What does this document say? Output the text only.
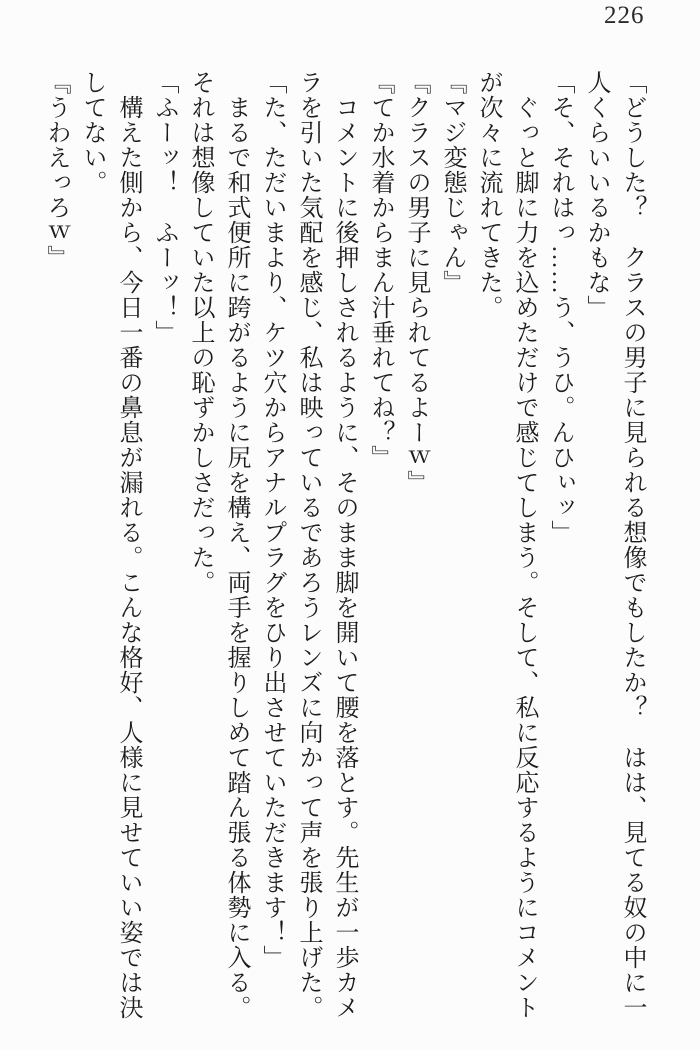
226

「どうした？　クラスの男子に見られる想像でもしたか？　はは、見てる奴の中に一

人くらいいるかもな」

「そ、それはっ……う、うひ。んひぃッ」

　ぐっと脚に力を込めただけで感じてしまう。そして、私に反応するようにコメント

が次々に流れてきた。

『マジ変態じゃん』

『クラスの男子に見られてるよーｗ』

『てか水着からまん汁垂れてね？』

　コメントに後押しされるように、そのまま脚を開いて腰を落とす。先生が一歩カメ

ラを引いた気配を感じ、私は映っているであろうレンズに向かって声を張り上げた。

「た、ただいまより、ケツ穴からアナルプラグをひり出させていただきます！」

　まるで和式便所に跨がるように尻を構え、両手を握りしめて踏ん張る体勢に入る。

それは想像していた以上の恥ずかしさだった。

「ふーッ！　ふーッ！」

　構えた側から、今日一番の鼻息が漏れる。こんな格好、人様に見せていい姿では決

してない。

『うわえっろｗ』
